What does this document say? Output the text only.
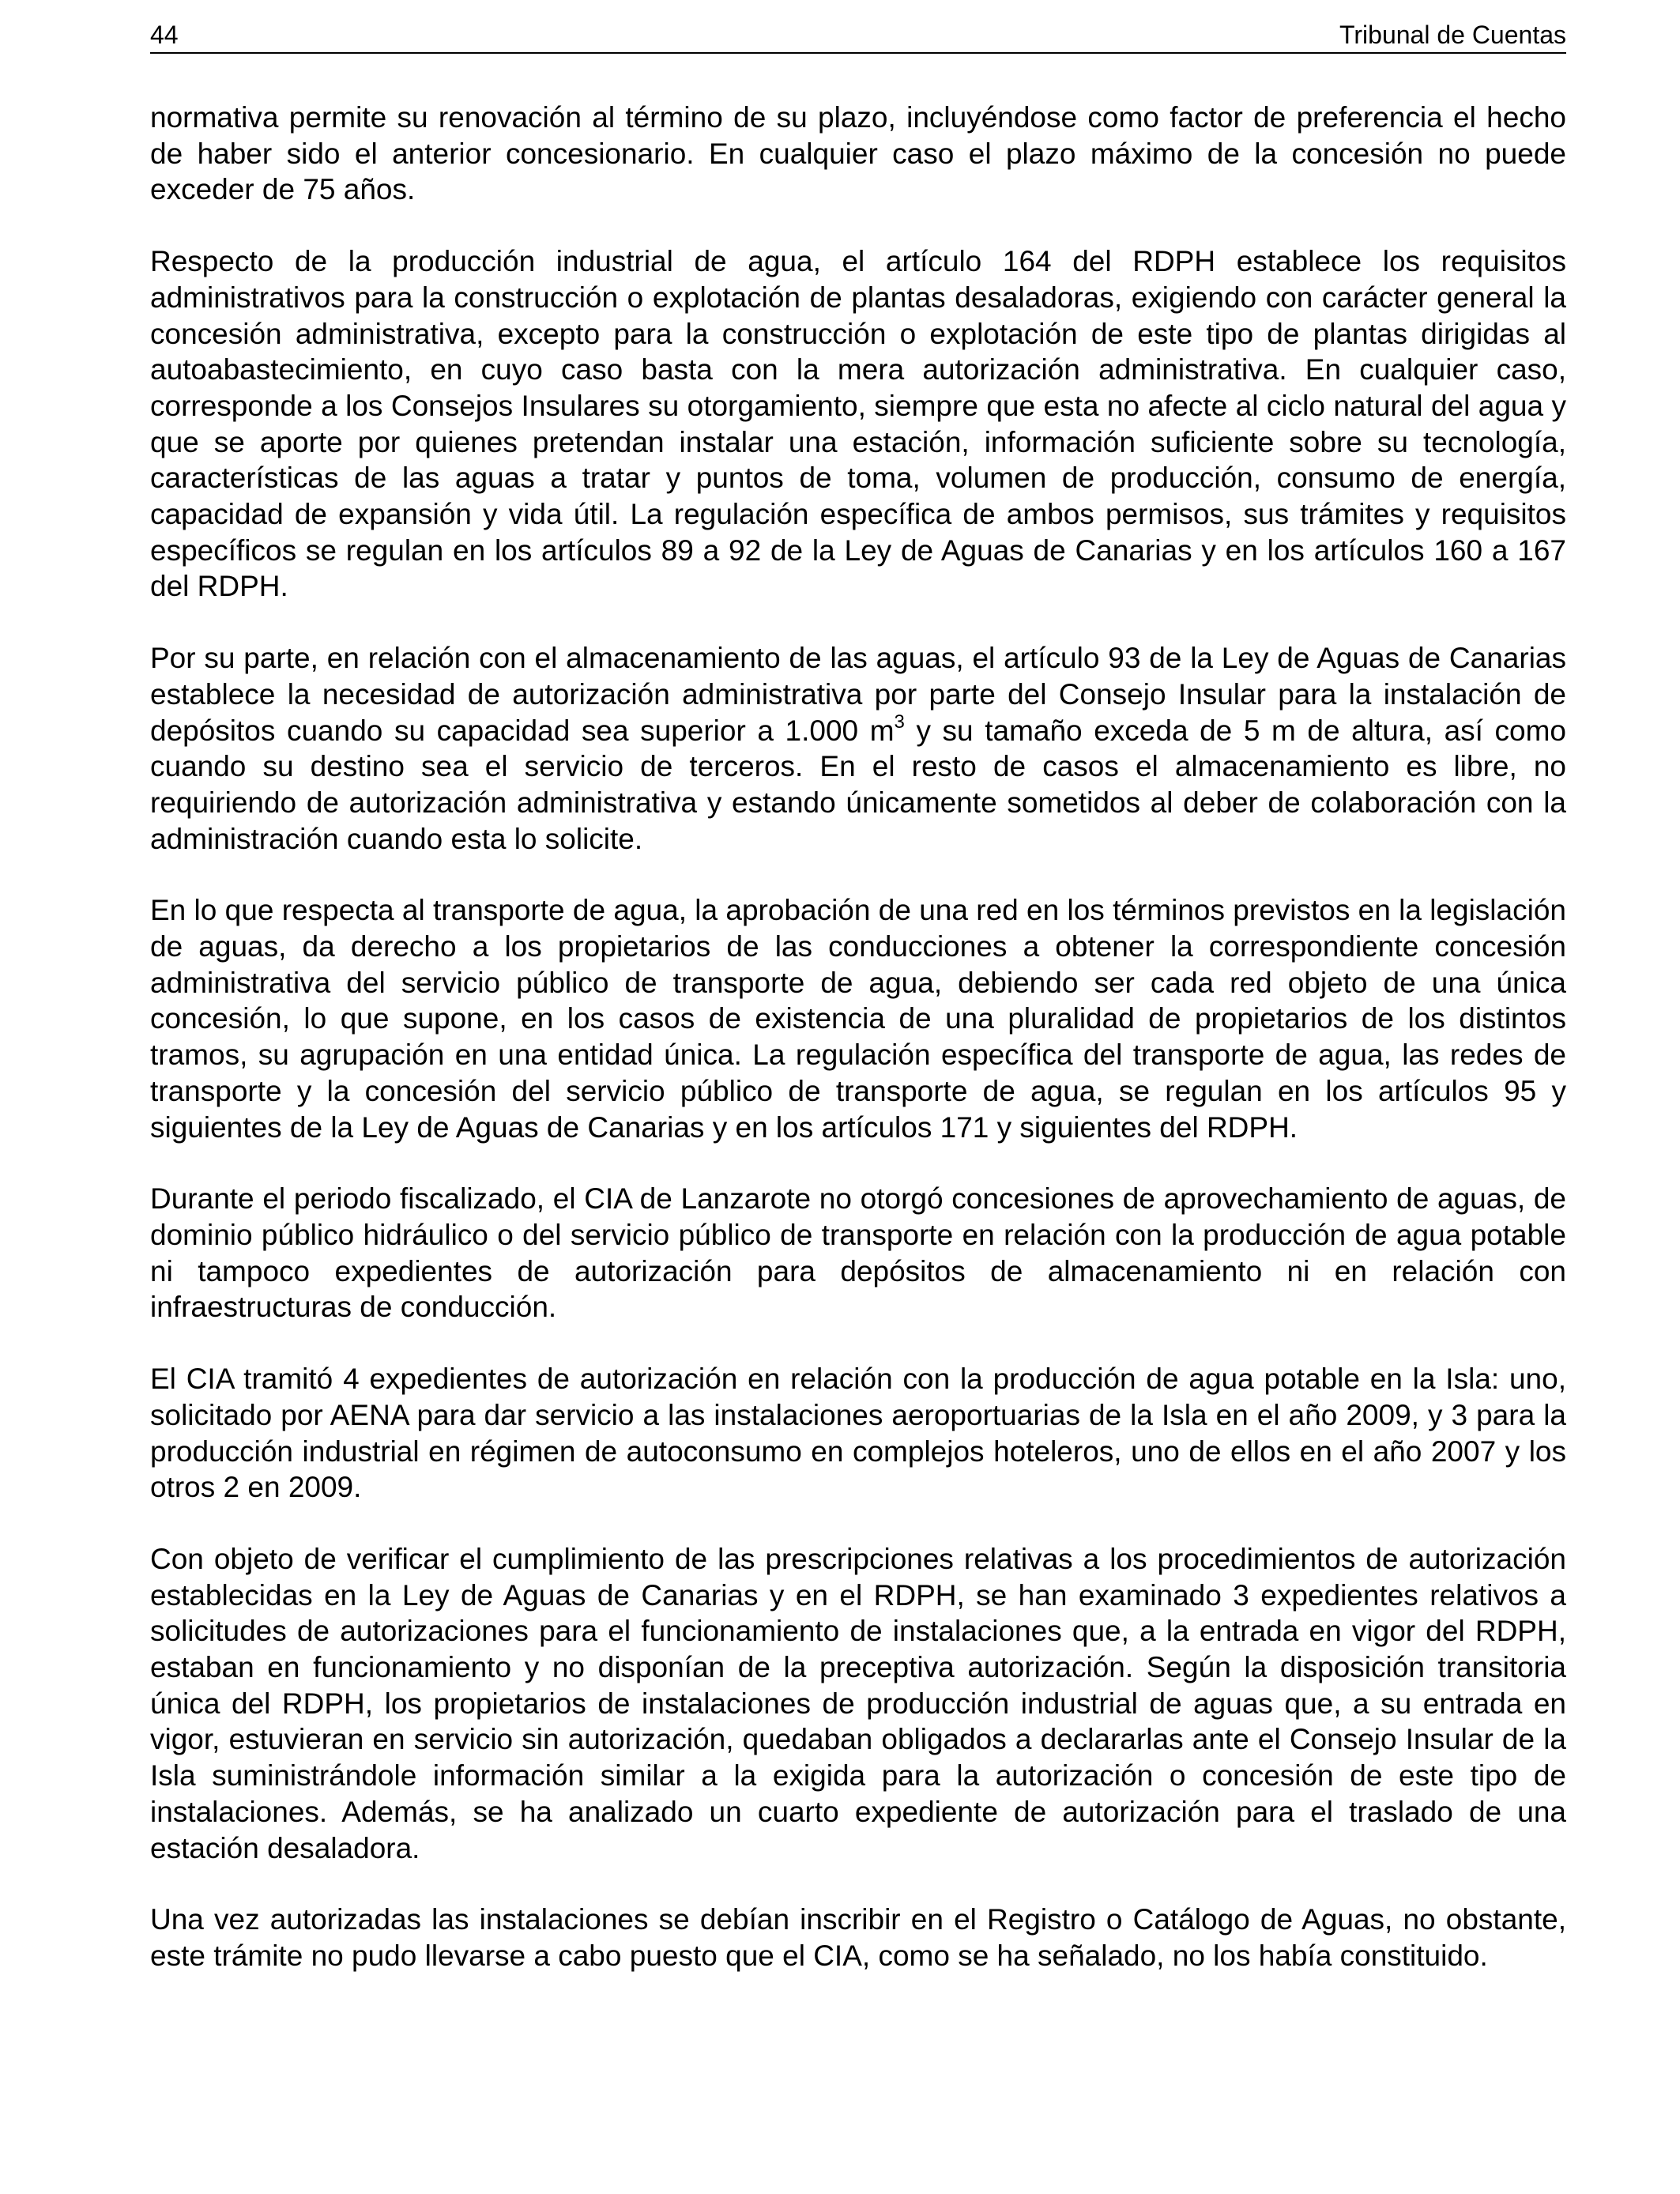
44	Tribunal de Cuentas

normativa permite su renovación al término de su plazo, incluyéndose como factor de preferencia el hecho de haber sido el anterior concesionario. En cualquier caso el plazo máximo de la concesión no puede exceder de 75 años.

Respecto de la producción industrial de agua, el artículo 164 del RDPH establece los requisitos administrativos para la construcción o explotación de plantas desaladoras, exigiendo con carácter general la concesión administrativa, excepto para la construcción o explotación de este tipo de plantas dirigidas al autoabastecimiento, en cuyo caso basta con la mera autorización administrativa. En cualquier caso, corresponde a los Consejos Insulares su otorgamiento, siempre que esta no afecte al ciclo natural del agua y que se aporte por quienes pretendan instalar una estación, información suficiente sobre su tecnología, características de las aguas a tratar y puntos de toma, volumen de producción, consumo de energía, capacidad de expansión y vida útil. La regulación específica de ambos permisos, sus trámites y requisitos específicos se regulan en los artículos 89 a 92 de la Ley de Aguas de Canarias y en los artículos 160 a 167 del RDPH.

Por su parte, en relación con el almacenamiento de las aguas, el artículo 93 de la Ley de Aguas de Canarias establece la necesidad de autorización administrativa por parte del Consejo Insular para la instalación de depósitos cuando su capacidad sea superior a 1.000 $m^3$ y su tamaño exceda de 5 m de altura, así como cuando su destino sea el servicio de terceros. En el resto de casos el almacenamiento es libre, no requiriendo de autorización administrativa y estando únicamente sometidos al deber de colaboración con la administración cuando esta lo solicite.

En lo que respecta al transporte de agua, la aprobación de una red en los términos previstos en la legislación de aguas, da derecho a los propietarios de las conducciones a obtener la correspondiente concesión administrativa del servicio público de transporte de agua, debiendo ser cada red objeto de una única concesión, lo que supone, en los casos de existencia de una pluralidad de propietarios de los distintos tramos, su agrupación en una entidad única. La regulación específica del transporte de agua, las redes de transporte y la concesión del servicio público de transporte de agua, se regulan en los artículos 95 y siguientes de la Ley de Aguas de Canarias y en los artículos 171 y siguientes del RDPH.

Durante el periodo fiscalizado, el CIA de Lanzarote no otorgó concesiones de aprovechamiento de aguas, de dominio público hidráulico o del servicio público de transporte en relación con la producción de agua potable ni tampoco expedientes de autorización para depósitos de almacenamiento ni en relación con infraestructuras de conducción.

El CIA tramitó 4 expedientes de autorización en relación con la producción de agua potable en la Isla: uno, solicitado por AENA para dar servicio a las instalaciones aeroportuarias de la Isla en el año 2009, y 3 para la producción industrial en régimen de autoconsumo en complejos hoteleros, uno de ellos en el año 2007 y los otros 2 en 2009.

Con objeto de verificar el cumplimiento de las prescripciones relativas a los procedimientos de autorización establecidas en la Ley de Aguas de Canarias y en el RDPH, se han examinado 3 expedientes relativos a solicitudes de autorizaciones para el funcionamiento de instalaciones que, a la entrada en vigor del RDPH, estaban en funcionamiento y no disponían de la preceptiva autorización. Según la disposición transitoria única del RDPH, los propietarios de instalaciones de producción industrial de aguas que, a su entrada en vigor, estuvieran en servicio sin autorización, quedaban obligados a declararlas ante el Consejo Insular de la Isla suministrándole información similar a la exigida para la autorización o concesión de este tipo de instalaciones. Además, se ha analizado un cuarto expediente de autorización para el traslado de una estación desaladora.

Una vez autorizadas las instalaciones se debían inscribir en el Registro o Catálogo de Aguas, no obstante, este trámite no pudo llevarse a cabo puesto que el CIA, como se ha señalado, no los había constituido.
